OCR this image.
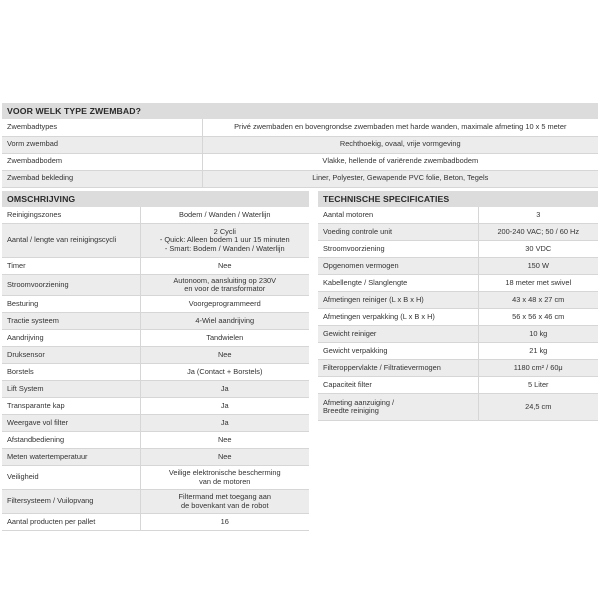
VOOR WELK TYPE ZWEMBAD?
Zwembadtypes	Privé zwembaden en bovengrondse zwembaden met harde wanden, maximale afmeting 10 x 5 meter
Vorm zwembad	Rechthoekig, ovaal, vrije vormgeving
Zwembadbodem	Vlakke, hellende of variërende zwembadbodem
Zwembad bekleding	Liner, Polyester, Gewapende PVC folie, Beton, Tegels
OMSCHRIJVING
Reinigingszones	Bodem / Wanden / Waterlijn
Aantal / lengte van reinigingscycli	2 Cycli
- Quick: Alleen bodem 1 uur 15 minuten
- Smart: Bodem / Wanden / Waterlijn
Timer	Nee
Stroomvoorziening	Autonoom, aansluiting op 230V
en voor de transformator
Besturing	Voorgeprogrammeerd
Tractie systeem	4-Wiel aandrijving
Aandrijving	Tandwielen
Druksensor	Nee
Borstels	Ja (Contact + Borstels)
Lift System	Ja
Transparante kap	Ja
Weergave vol filter	Ja
Afstandbediening	Nee
Meten watertemperatuur	Nee
Veiligheid	Veilige elektronische bescherming
van de motoren
Filtersysteem / Vuilopvang	Filtermand met toegang aan
de bovenkant van de robot
Aantal producten per pallet	16
TECHNISCHE SPECIFICATIES
Aantal motoren	3
Voeding controle unit	200-240 VAC; 50 / 60 Hz
Stroomvoorziening	30 VDC
Opgenomen vermogen	150 W
Kabellengte / Slanglengte	18 meter met swivel
Afmetingen reiniger (L x B x H)	43 x 48 x 27 cm
Afmetingen verpakking (L x B x H)	56 x 56 x 46 cm
Gewicht reiniger	10 kg
Gewicht verpakking	21 kg
Filteroppervlakte / Filtratievermogen	1180 cm² / 60μ
Capaciteit filter	5 Liter
Afmeting aanzuiging /
Breedte reiniging	24,5 cm
